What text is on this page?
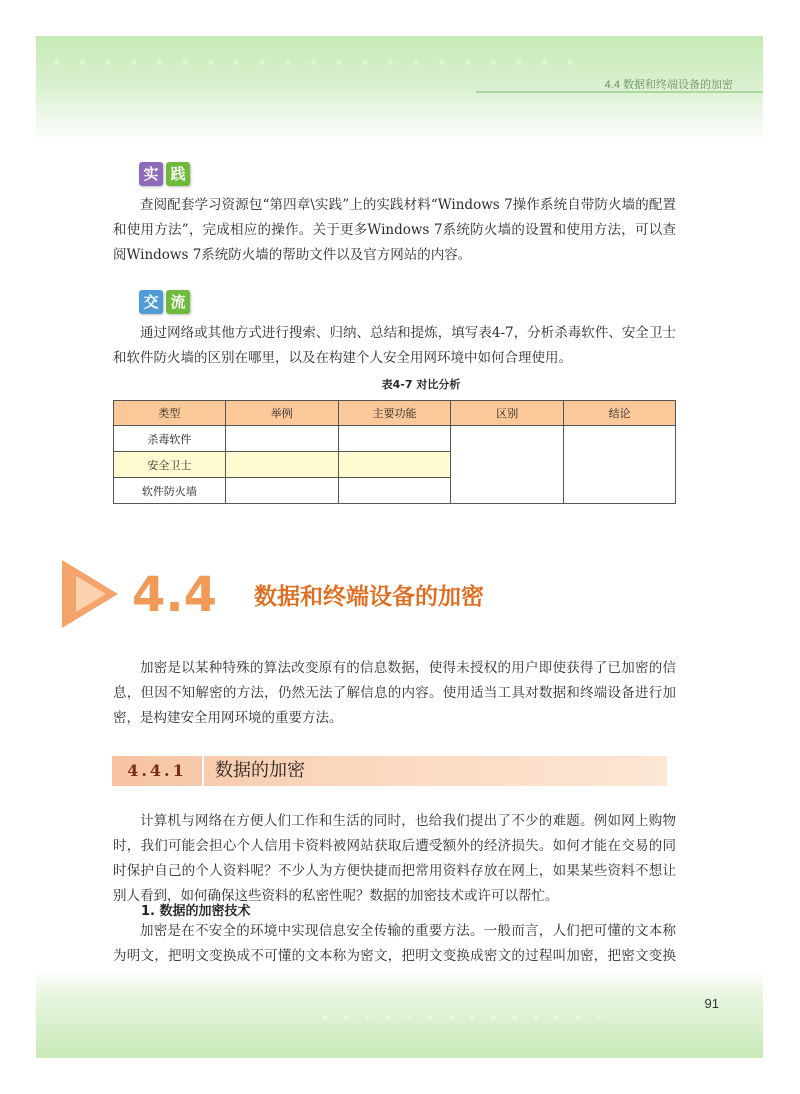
·····················
4.4 数据和终端设备的加密
实 践

查阅配套学习资源包“第四章\实践”上的实践材料“Windows 7操作系统自带防火墙的配置和使用方法”，完成相应的操作。关于更多Windows 7系统防火墙的设置和使用方法，可以查阅Windows 7系统防火墙的帮助文件以及官方网站的内容。

交 流

通过网络或其他方式进行搜索、归纳、总结和提炼，填写表4-7，分析杀毒软件、安全卫士和软件防火墙的区别在哪里，以及在构建个人安全用网环境中如何合理使用。

表4-7 对比分析
类型	举例	主要功能	区别	结论
杀毒软件				
安全卫士				
软件防火墙				
4.4 数据和终端设备的加密

加密是以某种特殊的算法改变原有的信息数据，使得未授权的用户即使获得了已加密的信息，但因不知解密的方法，仍然无法了解信息的内容。使用适当工具对数据和终端设备进行加密，是构建安全用网环境的重要方法。

4.4.1	数据的加密

计算机与网络在方便人们工作和生活的同时，也给我们提出了不少的难题。例如网上购物时，我们可能会担心个人信用卡资料被网站获取后遭受额外的经济损失。如何才能在交易的同时保护自己的个人资料呢？不少人为方便快捷而把常用资料存放在网上，如果某些资料不想让别人看到，如何确保这些资料的私密性呢？数据的加密技术或许可以帮忙。

1. 数据的加密技术

加密是在不安全的环境中实现信息安全传输的重要方法。一般而言，人们把可懂的文本称为明文，把明文变换成不可懂的文本称为密文，把明文变换成密文的过程叫加密，把密文变换

··············	91
